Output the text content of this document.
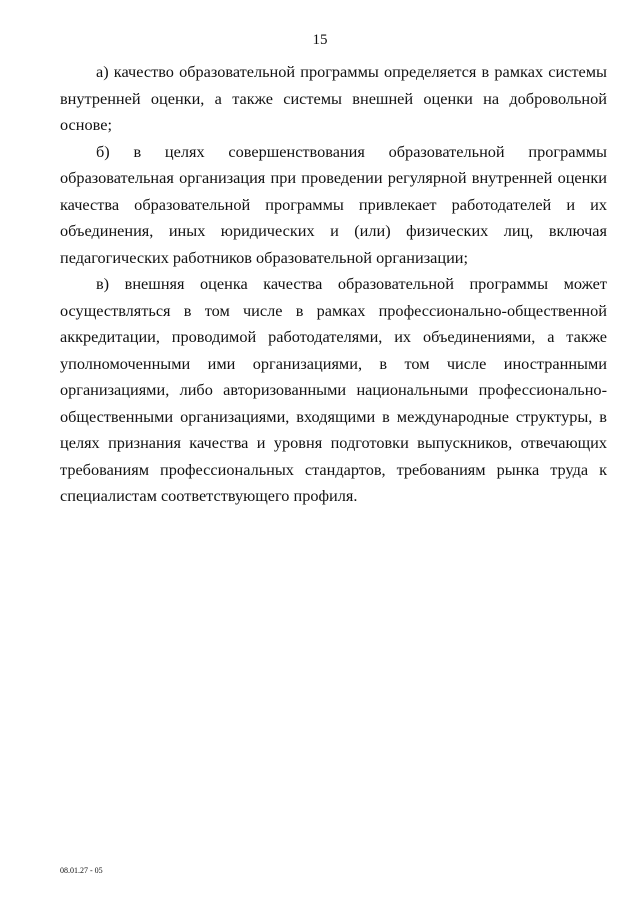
15

а) качество образовательной программы определяется в рамках системы внутренней оценки, а также системы внешней оценки на добровольной основе;

б) в целях совершенствования образовательной программы образовательная организация при проведении регулярной внутренней оценки качества образовательной программы привлекает работодателей и их объединения, иных юридических и (или) физических лиц, включая педагогических работников образовательной организации;

в) внешняя оценка качества образовательной программы может осуществляться в том числе в рамках профессионально-общественной аккредитации, проводимой работодателями, их объединениями, а также уполномоченными ими организациями, в том числе иностранными организациями, либо авторизованными национальными профессионально-общественными организациями, входящими в международные структуры, в целях признания качества и уровня подготовки выпускников, отвечающих требованиям профессиональных стандартов, требованиям рынка труда к специалистам соответствующего профиля.

08.01.27 - 05
